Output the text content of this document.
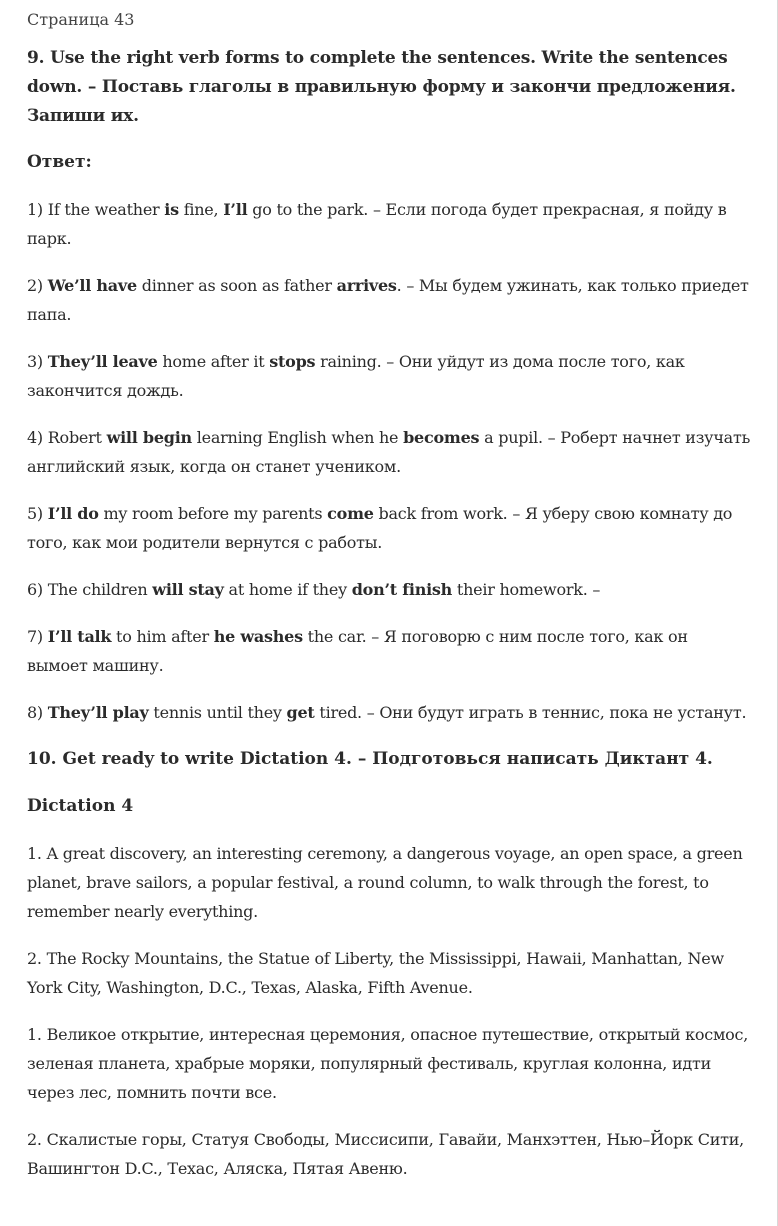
Страница 43
9. Use the right verb forms to complete the sentences. Write the sentences down. – Поставь глаголы в правильную форму и закончи предложения. Запиши их.
Ответ:
1) If the weather is fine, I’ll go to the park. – Если погода будет прекрасная, я пойду в парк.
2) We’ll have dinner as soon as father arrives. – Мы будем ужинать, как только приедет папа.
3) They’ll leave home after it stops raining. – Они уйдут из дома после того, как закончится дождь.
4) Robert will begin learning English when he becomes a pupil. – Роберт начнет изучать английский язык, когда он станет учеником.
5) I’ll do my room before my parents come back from work. – Я уберу свою комнату до того, как мои родители вернутся с работы.
6) The children will stay at home if they don’t finish their homework. –
7) I’ll talk to him after he washes the car. – Я поговорю с ним после того, как он вымоет машину.
8) They’ll play tennis until they get tired. – Они будут играть в теннис, пока не устанут.
10. Get ready to write Dictation 4. – Подготовься написать Диктант 4.
Dictation 4
1. A great discovery, an interesting ceremony, a dangerous voyage, an open space, a green planet, brave sailors, a popular festival, a round column, to walk through the forest, to remember nearly everything.
2. The Rocky Mountains, the Statue of Liberty, the Mississippi, Hawaii, Manhattan, New York City, Washington, D.C., Texas, Alaska, Fifth Avenue.
1. Великое открытие, интересная церемония, опасное путешествие, открытый космос, зеленая планета, храбрые моряки, популярный фестиваль, круглая колонна, идти через лес, помнить почти все.
2. Скалистые горы, Статуя Свободы, Миссисипи, Гавайи, Манхэттен, Нью–Йорк Сити, Вашингтон D.C., Техас, Аляска, Пятая Авеню.
